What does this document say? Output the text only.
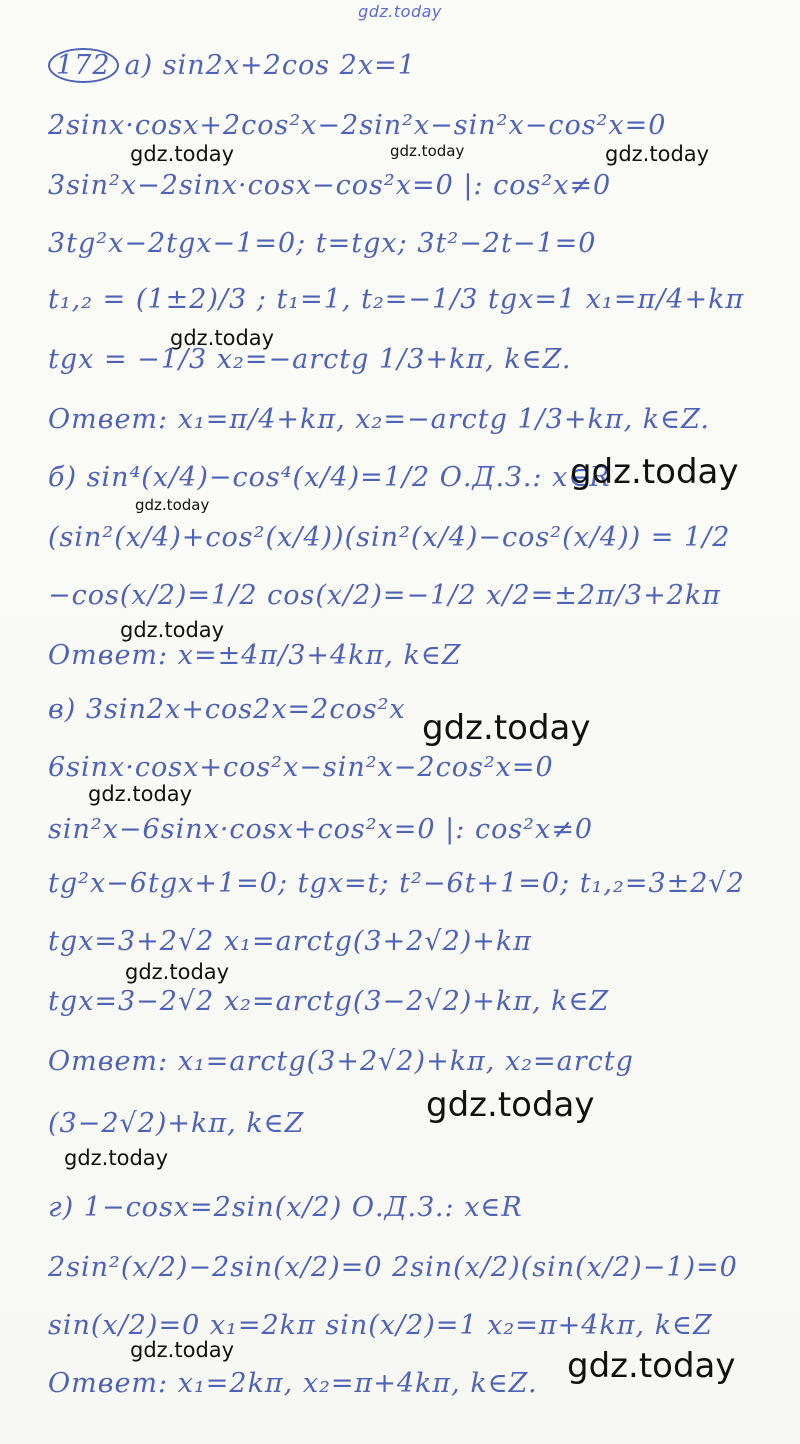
gdz.today
172 а) sin2x+2cos 2x=1
2sinx·cosx+2cos²x−2sin²x−sin²x−cos²x=0
3sin²x−2sinx·cosx−cos²x=0 |: cos²x≠0
3tg²x−2tgx−1=0; t=tgx; 3t²−2t−1=0
t₁,₂ = (1±2)/3 ; t₁=1, t₂=−1/3 tgx=1 x₁=π/4+kπ
tgx = −1/3 x₂=−arctg 1/3+kπ, k∈Z.
Ответ: x₁=π/4+kπ, x₂=−arctg 1/3+kπ, k∈Z.
б) sin⁴(x/4)−cos⁴(x/4)=1/2 О.Д.З.: x∈R
(sin²(x/4)+cos²(x/4))(sin²(x/4)−cos²(x/4)) = 1/2
−cos(x/2)=1/2 cos(x/2)=−1/2 x/2=±2π/3+2kπ
Ответ: x=±4π/3+4kπ, k∈Z
в) 3sin2x+cos2x=2cos²x
6sinx·cosx+cos²x−sin²x−2cos²x=0
sin²x−6sinx·cosx+cos²x=0 |: cos²x≠0
tg²x−6tgx+1=0; tgx=t; t²−6t+1=0; t₁,₂=3±2√2
tgx=3+2√2 x₁=arctg(3+2√2)+kπ
tgx=3−2√2 x₂=arctg(3−2√2)+kπ, k∈Z
Ответ: x₁=arctg(3+2√2)+kπ, x₂=arctg
(3−2√2)+kπ, k∈Z
г) 1−cosx=2sin(x/2) О.Д.З.: x∈R
2sin²(x/2)−2sin(x/2)=0 2sin(x/2)(sin(x/2)−1)=0
sin(x/2)=0 x₁=2kπ sin(x/2)=1 x₂=π+4kπ, k∈Z
Ответ: x₁=2kπ, x₂=π+4kπ, k∈Z.
gdz.today	gdz.today	gdz.today
gdz.today
gdz.today
gdz.today
gdz.today
gdz.today
gdz.today
gdz.today
gdz.today
gdz.today
gdz.today	gdz.today
